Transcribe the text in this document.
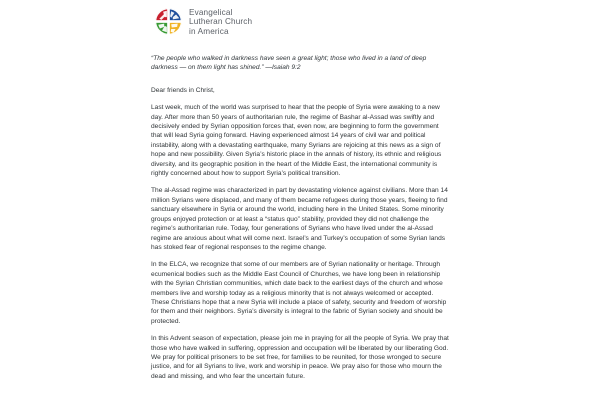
Evangelical
Lutheran Church
in America

“The people who walked in darkness have seen a great light; those who lived in a land of deep darkness — on them light has shined.” —Isaiah 9:2

Dear friends in Christ,

Last week, much of the world was surprised to hear that the people of Syria were awaking to a new day. After more than 50 years of authoritarian rule, the regime of Bashar al-Assad was swiftly and decisively ended by Syrian opposition forces that, even now, are beginning to form the government that will lead Syria going forward. Having experienced almost 14 years of civil war and political instability, along with a devastating earthquake, many Syrians are rejoicing at this news as a sign of hope and new possibility. Given Syria’s historic place in the annals of history, its ethnic and religious diversity, and its geographic position in the heart of the Middle East, the international community is rightly concerned about how to support Syria’s political transition.

The al-Assad regime was characterized in part by devastating violence against civilians. More than 14 million Syrians were displaced, and many of them became refugees during those years, fleeing to find sanctuary elsewhere in Syria or around the world, including here in the United States. Some minority groups enjoyed protection or at least a “status quo” stability, provided they did not challenge the regime’s authoritarian rule. Today, four generations of Syrians who have lived under the al-Assad regime are anxious about what will come next. Israel’s and Turkey’s occupation of some Syrian lands has stoked fear of regional responses to the regime change.

In the ELCA, we recognize that some of our members are of Syrian nationality or heritage. Through ecumenical bodies such as the Middle East Council of Churches, we have long been in relationship with the Syrian Christian communities, which date back to the earliest days of the church and whose members live and worship today as a religious minority that is not always welcomed or accepted. These Christians hope that a new Syria will include a place of safety, security and freedom of worship for them and their neighbors. Syria’s diversity is integral to the fabric of Syrian society and should be protected.

In this Advent season of expectation, please join me in praying for all the people of Syria. We pray that those who have walked in suffering, oppression and occupation will be liberated by our liberating God. We pray for political prisoners to be set free, for families to be reunited, for those wronged to secure justice, and for all Syrians to live, work and worship in peace. We pray also for those who mourn the dead and missing, and who fear the uncertain future.
